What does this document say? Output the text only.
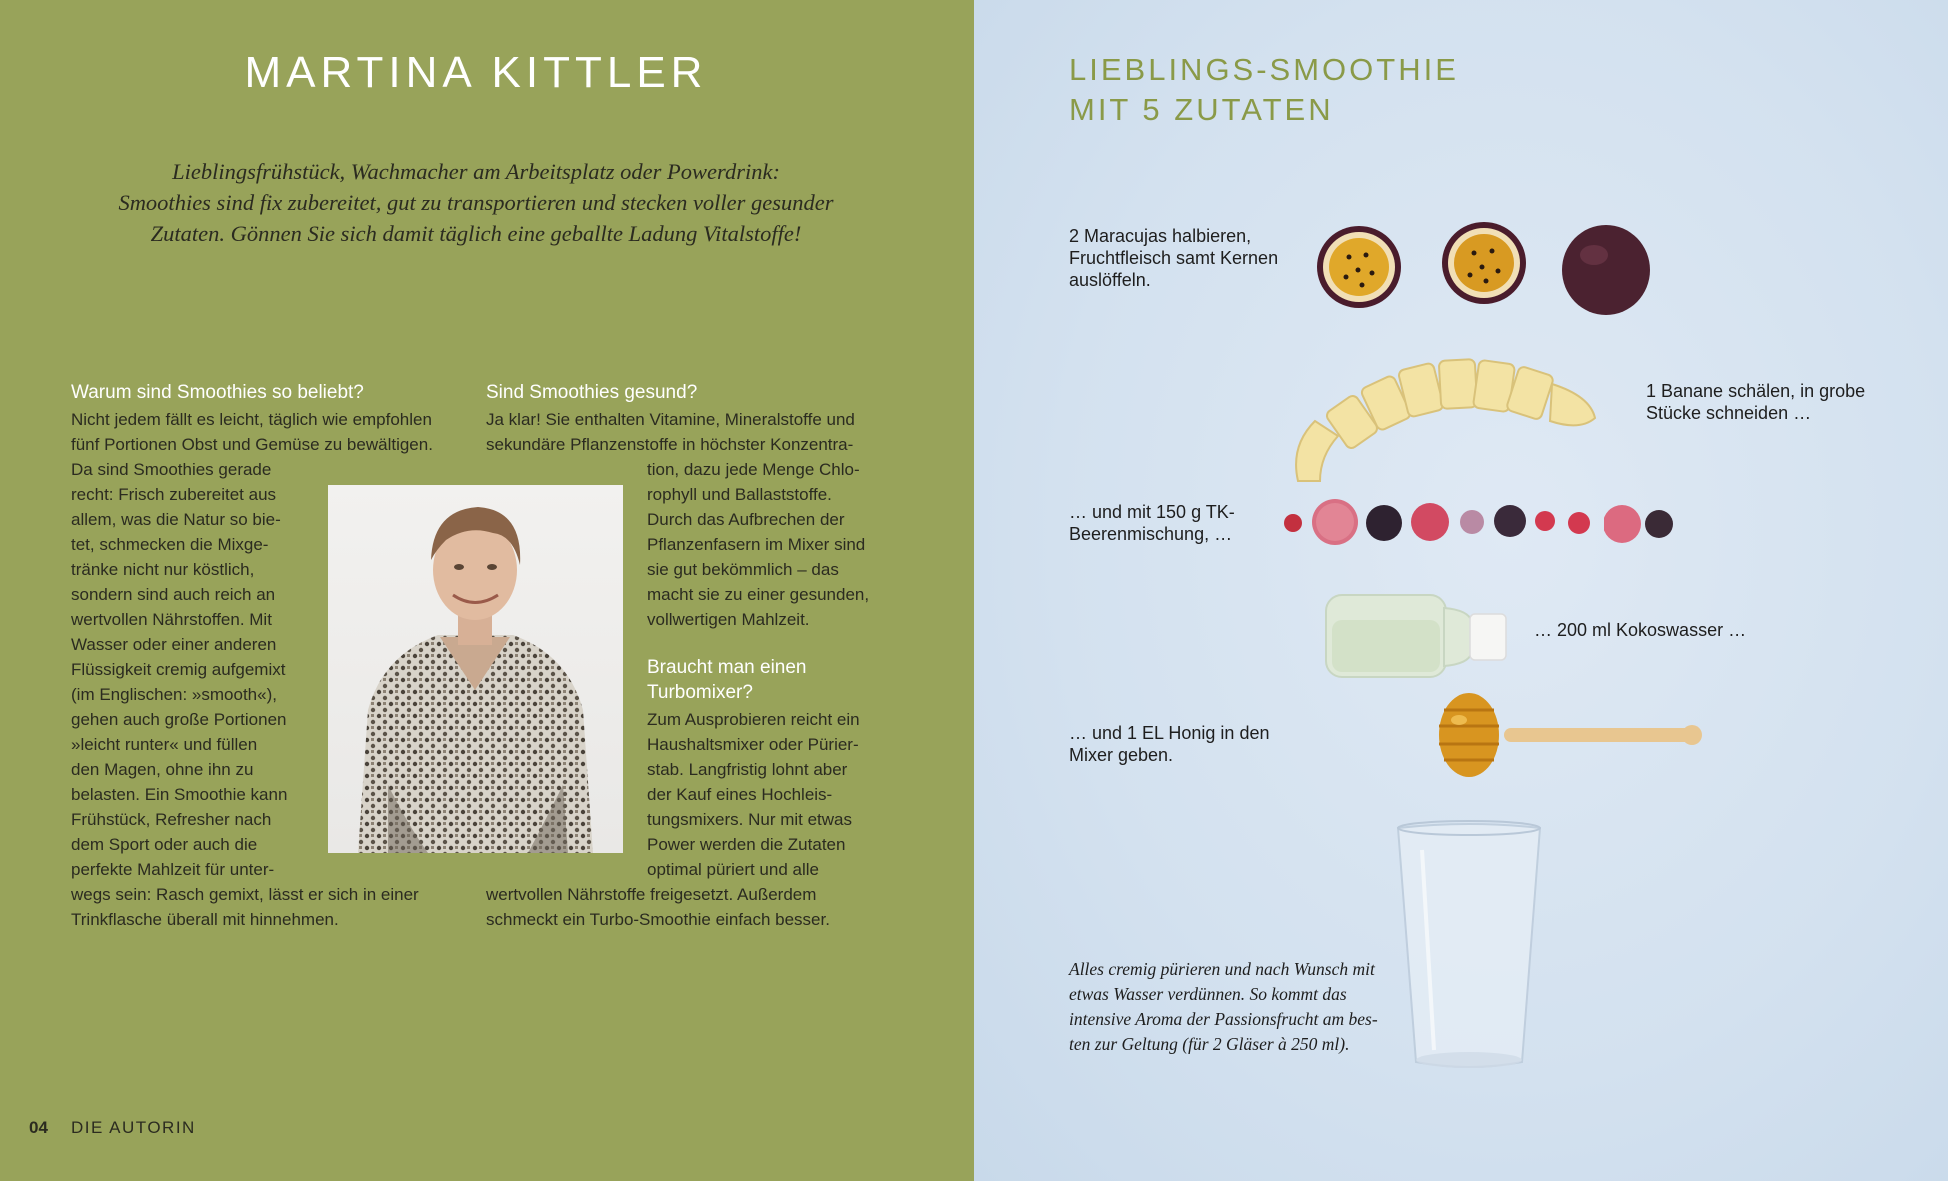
MARTINA KITTLER
Lieblingsfrühstück, Wachmacher am Arbeitsplatz oder Powerdrink:
Smoothies sind fix zubereitet, gut zu transportieren und stecken voller gesunder
Zutaten. Gönnen Sie sich damit täglich eine geballte Ladung Vitalstoffe!
Warum sind Smoothies so beliebt?
Nicht jedem fällt es leicht, täglich wie empfohlen
fünf Portionen Obst und Gemüse zu bewältigen.
Da sind Smoothies gerade
recht: Frisch zubereitet aus
allem, was die Natur so bie-
tet, schmecken die Mixge-
tränke nicht nur köstlich,
sondern sind auch reich an
wertvollen Nährstoffen. Mit
Wasser oder einer anderen
Flüssigkeit cremig aufgemixt
(im Englischen: »smooth«),
gehen auch große Portionen
»leicht runter« und füllen
den Magen, ohne ihn zu
belasten. Ein Smoothie kann
Frühstück, Refresher nach
dem Sport oder auch die
perfekte Mahlzeit für unter-
wegs sein: Rasch gemixt, lässt er sich in einer
Trinkflasche überall mit hinnehmen.
Sind Smoothies gesund?
Ja klar! Sie enthalten Vitamine, Mineralstoffe und
sekundäre Pflanzenstoffe in höchster Konzentra-
tion, dazu jede Menge Chlo-
rophyll und Ballaststoffe.
Durch das Aufbrechen der
Pflanzenfasern im Mixer sind
sie gut bekömmlich – das
macht sie zu einer gesunden,
vollwertigen Mahlzeit.
Braucht man einen
Turbomixer?
Zum Ausprobieren reicht ein
Haushaltsmixer oder Pürier-
stab. Langfristig lohnt aber
der Kauf eines Hochleis-
tungsmixers. Nur mit etwas
Power werden die Zutaten
optimal püriert und alle
wertvollen Nährstoffe freigesetzt. Außerdem
schmeckt ein Turbo-Smoothie einfach besser.
04 DIE AUTORIN
LIEBLINGS-SMOOTHIE
MIT 5 ZUTATEN
2 Maracujas halbieren,
Fruchtfleisch samt Kernen
auslöffeln.
1 Banane schälen, in grobe
Stücke schneiden …
… und mit 150 g TK-
Beerenmischung, …
… 200 ml Kokoswasser …
… und 1 EL Honig in den
Mixer geben.
Alles cremig pürieren und nach Wunsch mit
etwas Wasser verdünnen. So kommt das
intensive Aroma der Passionsfrucht am bes-
ten zur Geltung (für 2 Gläser à 250 ml).
